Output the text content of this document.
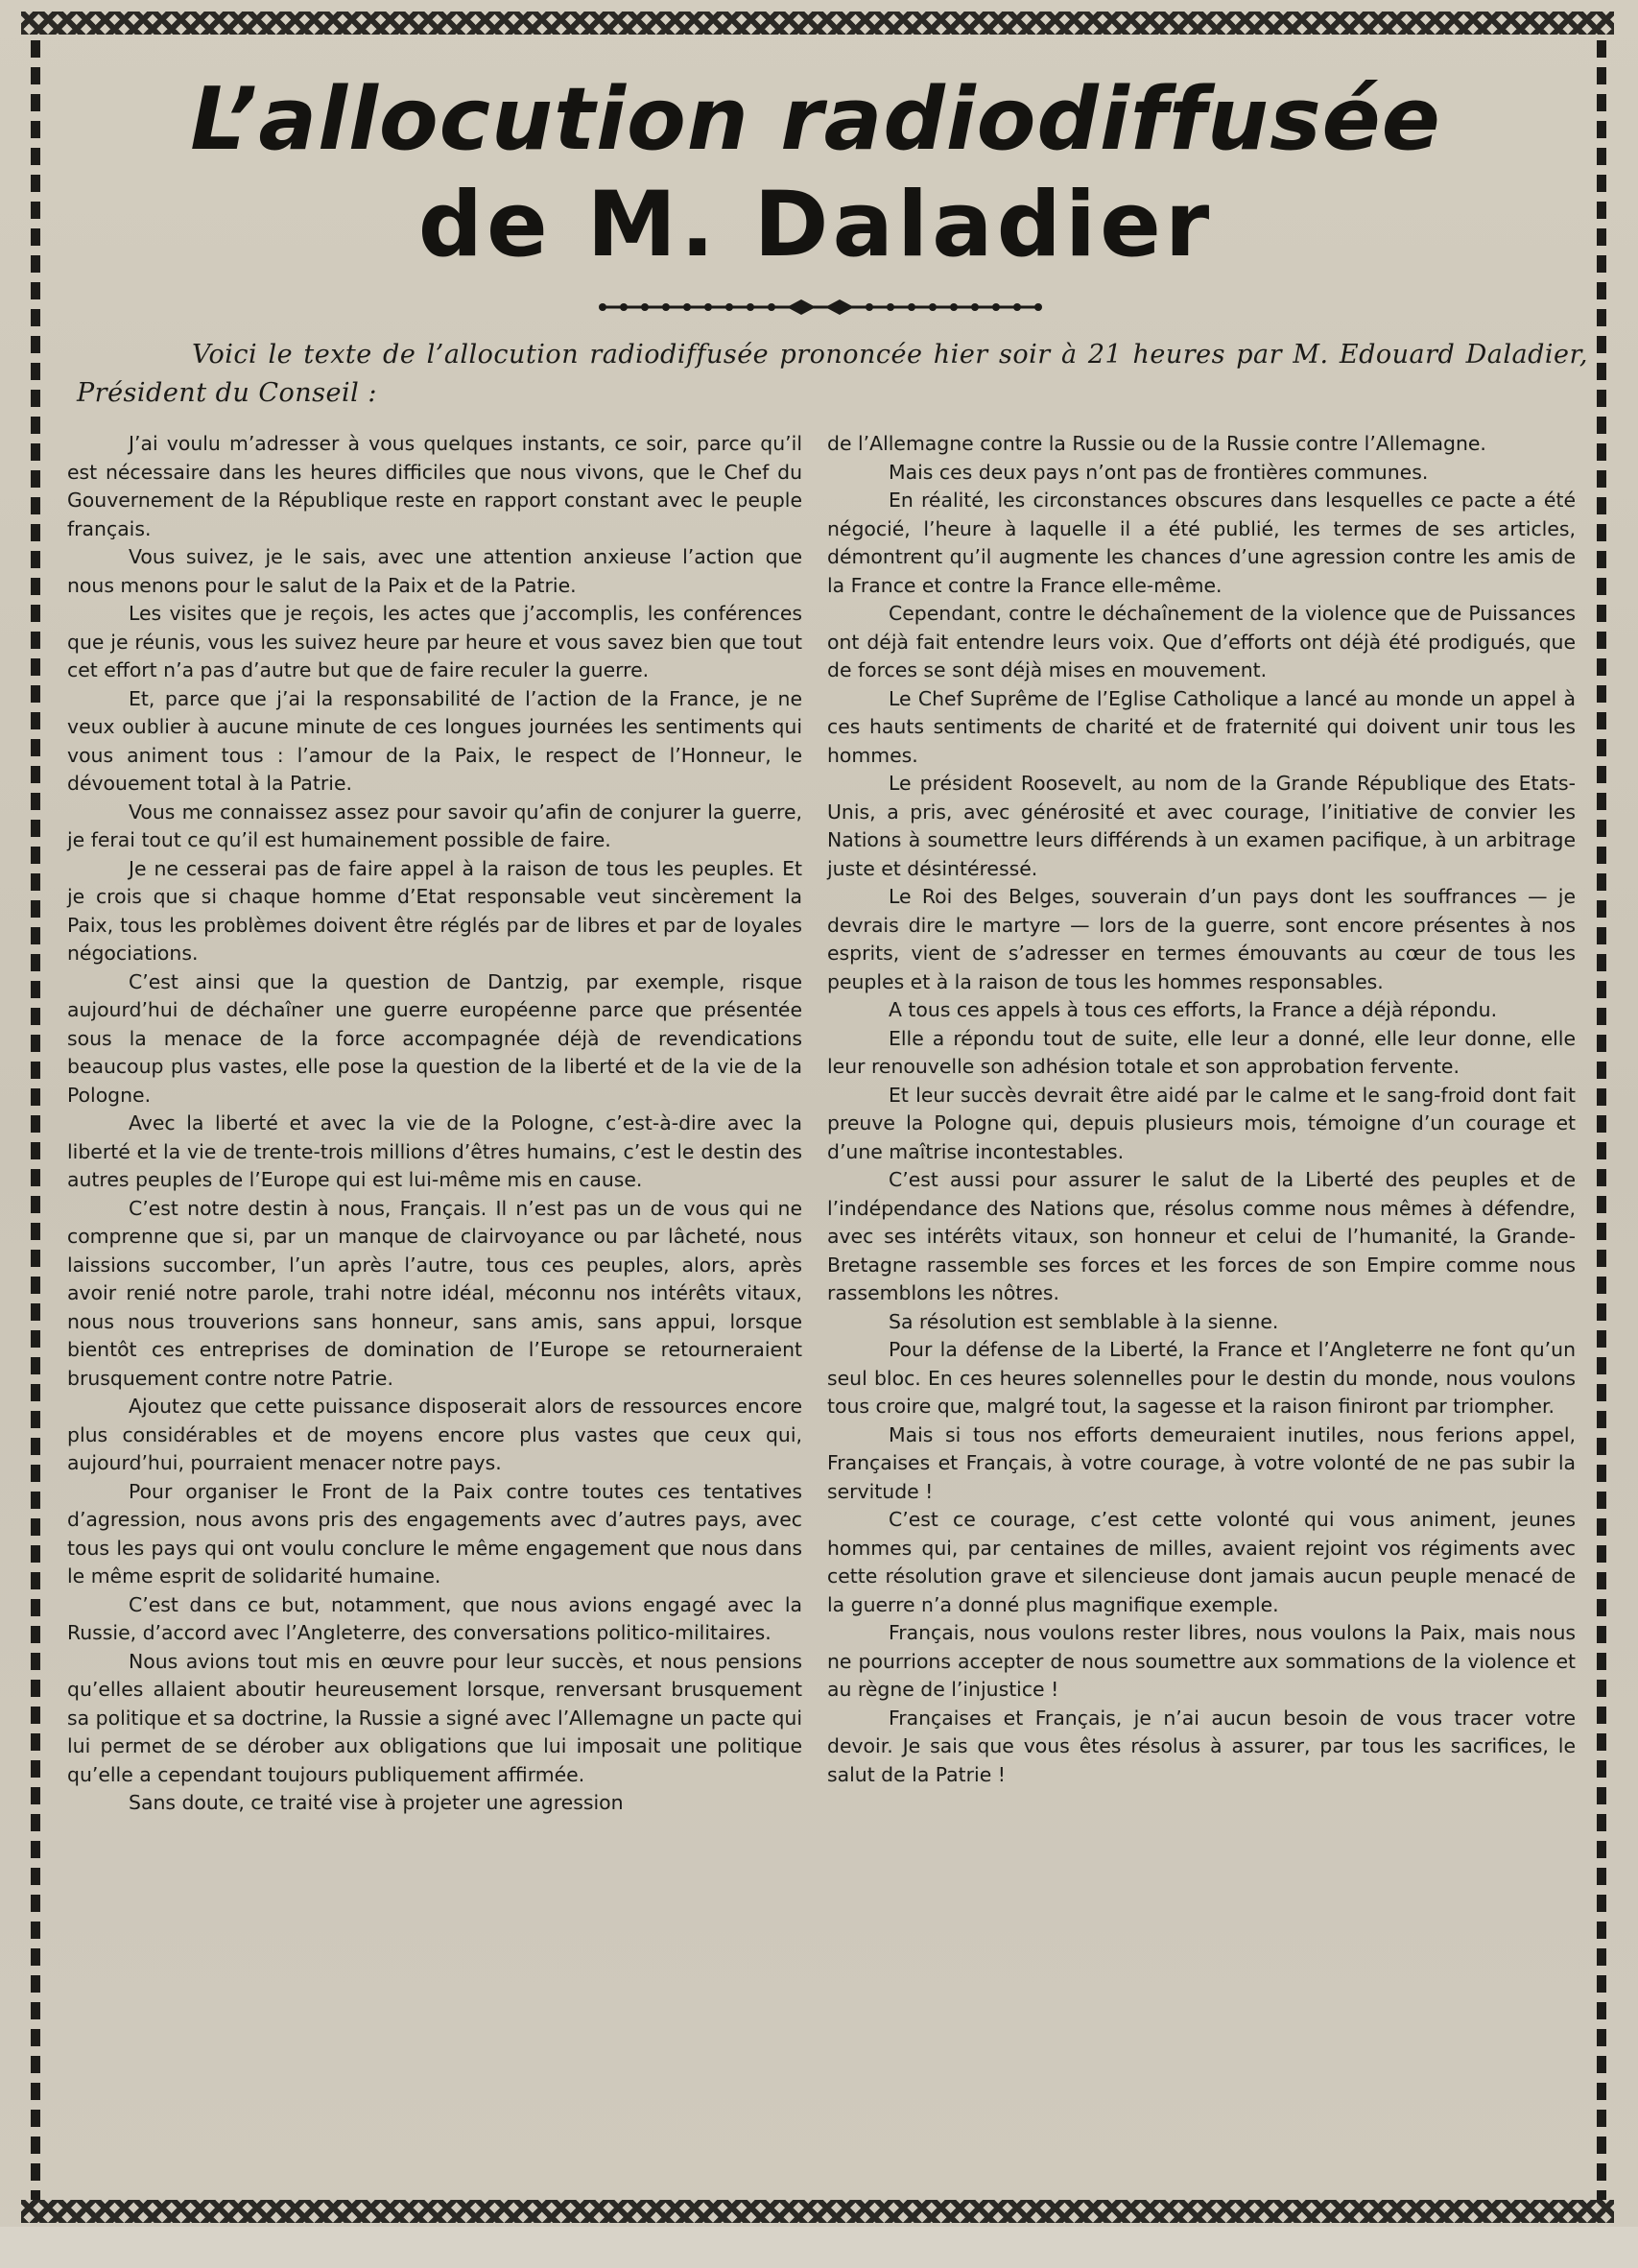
L’allocution radiodiffusée
de M. Daladier

Voici le texte de l’allocution radiodiffusée prononcée hier soir à 21 heures par M. Edouard Daladier, Président du Conseil :

J’ai voulu m’adresser à vous quelques instants, ce soir, parce qu’il est nécessaire dans les heures difficiles que nous vivons, que le Chef du Gouvernement de la République reste en rapport constant avec le peuple français.

Vous suivez, je le sais, avec une attention anxieuse l’action que nous menons pour le salut de la Paix et de la Patrie.

Les visites que je reçois, les actes que j’accomplis, les conférences que je réunis, vous les suivez heure par heure et vous savez bien que tout cet effort n’a pas d’autre but que de faire reculer la guerre.

Et, parce que j’ai la responsabilité de l’action de la France, je ne veux oublier à aucune minute de ces longues journées les sentiments qui vous animent tous : l’amour de la Paix, le respect de l’Honneur, le dévouement total à la Patrie.

Vous me connaissez assez pour savoir qu’afin de conjurer la guerre, je ferai tout ce qu’il est humainement possible de faire.

Je ne cesserai pas de faire appel à la raison de tous les peuples. Et je crois que si chaque homme d’Etat responsable veut sincèrement la Paix, tous les problèmes doivent être réglés par de libres et par de loyales négociations.

C’est ainsi que la question de Dantzig, par exemple, risque aujourd’hui de déchaîner une guerre européenne parce que présentée sous la menace de la force accompagnée déjà de revendications beaucoup plus vastes, elle pose la question de la liberté et de la vie de la Pologne.

Avec la liberté et avec la vie de la Pologne, c’est-à-dire avec la liberté et la vie de trente-trois millions d’êtres humains, c’est le destin des autres peuples de l’Europe qui est lui-même mis en cause.

C’est notre destin à nous, Français. Il n’est pas un de vous qui ne comprenne que si, par un manque de clairvoyance ou par lâcheté, nous laissions succomber, l’un après l’autre, tous ces peuples, alors, après avoir renié notre parole, trahi notre idéal, méconnu nos intérêts vitaux, nous nous trouverions sans honneur, sans amis, sans appui, lorsque bientôt ces entreprises de domination de l’Europe se retourneraient brusquement contre notre Patrie.

Ajoutez que cette puissance disposerait alors de ressources encore plus considérables et de moyens encore plus vastes que ceux qui, aujourd’hui, pourraient menacer notre pays.

Pour organiser le Front de la Paix contre toutes ces tentatives d’agression, nous avons pris des engagements avec d’autres pays, avec tous les pays qui ont voulu conclure le même engagement que nous dans le même esprit de solidarité humaine.

C’est dans ce but, notamment, que nous avions engagé avec la Russie, d’accord avec l’Angleterre, des conversations politico-militaires.

Nous avions tout mis en œuvre pour leur succès, et nous pensions qu’elles allaient aboutir heureusement lorsque, renversant brusquement sa politique et sa doctrine, la Russie a signé avec l’Allemagne un pacte qui lui permet de se dérober aux obligations que lui imposait une politique qu’elle a cependant toujours publiquement affirmée.

Sans doute, ce traité vise à projeter une agression

de l’Allemagne contre la Russie ou de la Russie contre l’Allemagne.

Mais ces deux pays n’ont pas de frontières communes.

En réalité, les circonstances obscures dans lesquelles ce pacte a été négocié, l’heure à laquelle il a été publié, les termes de ses articles, démontrent qu’il augmente les chances d’une agression contre les amis de la France et contre la France elle-même.

Cependant, contre le déchaînement de la violence que de Puissances ont déjà fait entendre leurs voix. Que d’efforts ont déjà été prodigués, que de forces se sont déjà mises en mouvement.

Le Chef Suprême de l’Eglise Catholique a lancé au monde un appel à ces hauts sentiments de charité et de fraternité qui doivent unir tous les hommes.

Le président Roosevelt, au nom de la Grande République des Etats-Unis, a pris, avec générosité et avec courage, l’initiative de convier les Nations à soumettre leurs différends à un examen pacifique, à un arbitrage juste et désintéressé.

Le Roi des Belges, souverain d’un pays dont les souffrances — je devrais dire le martyre — lors de la guerre, sont encore présentes à nos esprits, vient de s’adresser en termes émouvants au cœur de tous les peuples et à la raison de tous les hommes responsables.

A tous ces appels à tous ces efforts, la France a déjà répondu.

Elle a répondu tout de suite, elle leur a donné, elle leur donne, elle leur renouvelle son adhésion totale et son approbation fervente.

Et leur succès devrait être aidé par le calme et le sang-froid dont fait preuve la Pologne qui, depuis plusieurs mois, témoigne d’un courage et d’une maîtrise incontestables.

C’est aussi pour assurer le salut de la Liberté des peuples et de l’indépendance des Nations que, résolus comme nous mêmes à défendre, avec ses intérêts vitaux, son honneur et celui de l’humanité, la Grande-Bretagne rassemble ses forces et les forces de son Empire comme nous rassemblons les nôtres.

Sa résolution est semblable à la sienne.

Pour la défense de la Liberté, la France et l’Angleterre ne font qu’un seul bloc. En ces heures solennelles pour le destin du monde, nous voulons tous croire que, malgré tout, la sagesse et la raison finiront par triompher.

Mais si tous nos efforts demeuraient inutiles, nous ferions appel, Françaises et Français, à votre courage, à votre volonté de ne pas subir la servitude !

C’est ce courage, c’est cette volonté qui vous animent, jeunes hommes qui, par centaines de milles, avaient rejoint vos régiments avec cette résolution grave et silencieuse dont jamais aucun peuple menacé de la guerre n’a donné plus magnifique exemple.

Français, nous voulons rester libres, nous voulons la Paix, mais nous ne pourrions accepter de nous soumettre aux sommations de la violence et au règne de l’injustice !

Françaises et Français, je n’ai aucun besoin de vous tracer votre devoir. Je sais que vous êtes résolus à assurer, par tous les sacrifices, le salut de la Patrie !
